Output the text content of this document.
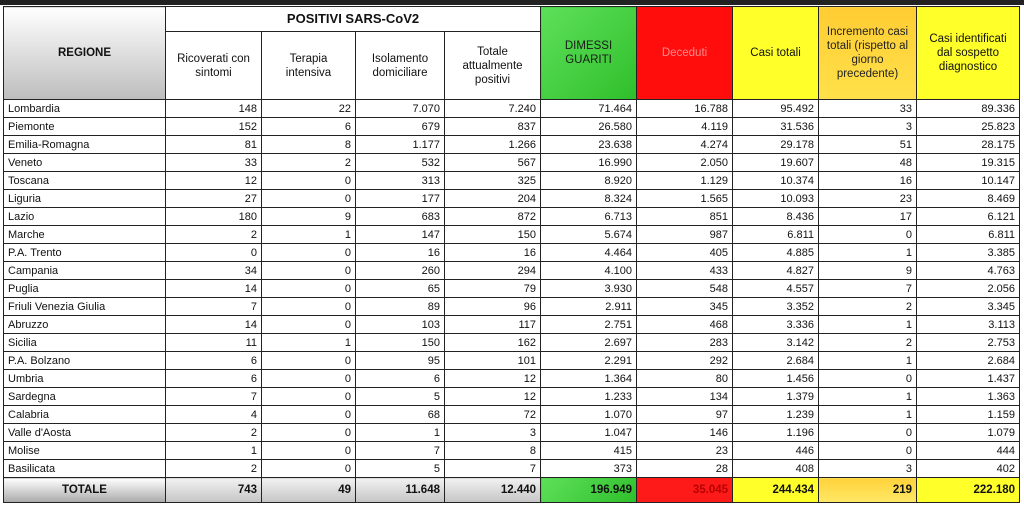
REGIONE	POSITIVI SARS-CoV2				DIMESSI GUARITI	Deceduti	Casi totali	Incremento casi totali (rispetto al giorno precedente)	Casi identificati dal sospetto diagnostico
	Ricoverati con sintomi	Terapia intensiva	Isolamento domiciliare	Totale attualmente positivi					
Lombardia	148	22	7.070	7.240	71.464	16.788	95.492	33	89.336
Piemonte	152	6	679	837	26.580	4.119	31.536	3	25.823
Emilia-Romagna	81	8	1.177	1.266	23.638	4.274	29.178	51	28.175
Veneto	33	2	532	567	16.990	2.050	19.607	48	19.315
Toscana	12	0	313	325	8.920	1.129	10.374	16	10.147
Liguria	27	0	177	204	8.324	1.565	10.093	23	8.469
Lazio	180	9	683	872	6.713	851	8.436	17	6.121
Marche	2	1	147	150	5.674	987	6.811	0	6.811
P.A. Trento	0	0	16	16	4.464	405	4.885	1	3.385
Campania	34	0	260	294	4.100	433	4.827	9	4.763
Puglia	14	0	65	79	3.930	548	4.557	7	2.056
Friuli Venezia Giulia	7	0	89	96	2.911	345	3.352	2	3.345
Abruzzo	14	0	103	117	2.751	468	3.336	1	3.113
Sicilia	11	1	150	162	2.697	283	3.142	2	2.753
P.A. Bolzano	6	0	95	101	2.291	292	2.684	1	2.684
Umbria	6	0	6	12	1.364	80	1.456	0	1.437
Sardegna	7	0	5	12	1.233	134	1.379	1	1.363
Calabria	4	0	68	72	1.070	97	1.239	1	1.159
Valle d'Aosta	2	0	1	3	1.047	146	1.196	0	1.079
Molise	1	0	7	8	415	23	446	0	444
Basilicata	2	0	5	7	373	28	408	3	402
TOTALE	743	49	11.648	12.440	196.949	35.045	244.434	219	222.180
